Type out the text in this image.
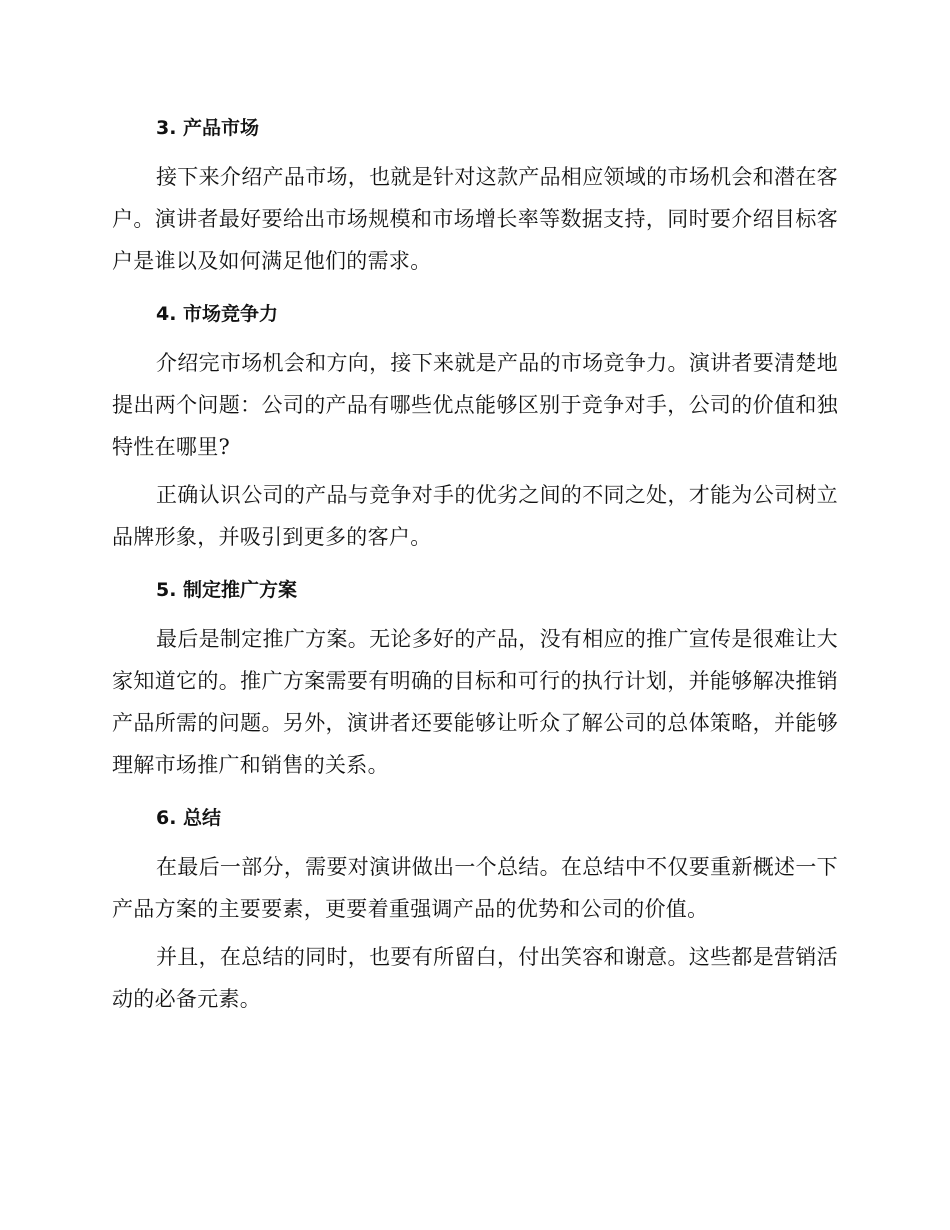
3. 产品市场

接下来介绍产品市场，也就是针对这款产品相应领域的市场机会和潜在客户。演讲者最好要给出市场规模和市场增长率等数据支持，同时要介绍目标客户是谁以及如何满足他们的需求。

4. 市场竞争力

介绍完市场机会和方向，接下来就是产品的市场竞争力。演讲者要清楚地提出两个问题：公司的产品有哪些优点能够区别于竞争对手，公司的价值和独特性在哪里?

正确认识公司的产品与竞争对手的优劣之间的不同之处，才能为公司树立品牌形象，并吸引到更多的客户。

5. 制定推广方案

最后是制定推广方案。无论多好的产品，没有相应的推广宣传是很难让大家知道它的。推广方案需要有明确的目标和可行的执行计划，并能够解决推销产品所需的问题。另外，演讲者还要能够让听众了解公司的总体策略，并能够理解市场推广和销售的关系。

6. 总结

在最后一部分，需要对演讲做出一个总结。在总结中不仅要重新概述一下产品方案的主要要素，更要着重强调产品的优势和公司的价值。

并且，在总结的同时，也要有所留白，付出笑容和谢意。这些都是营销活动的必备元素。
